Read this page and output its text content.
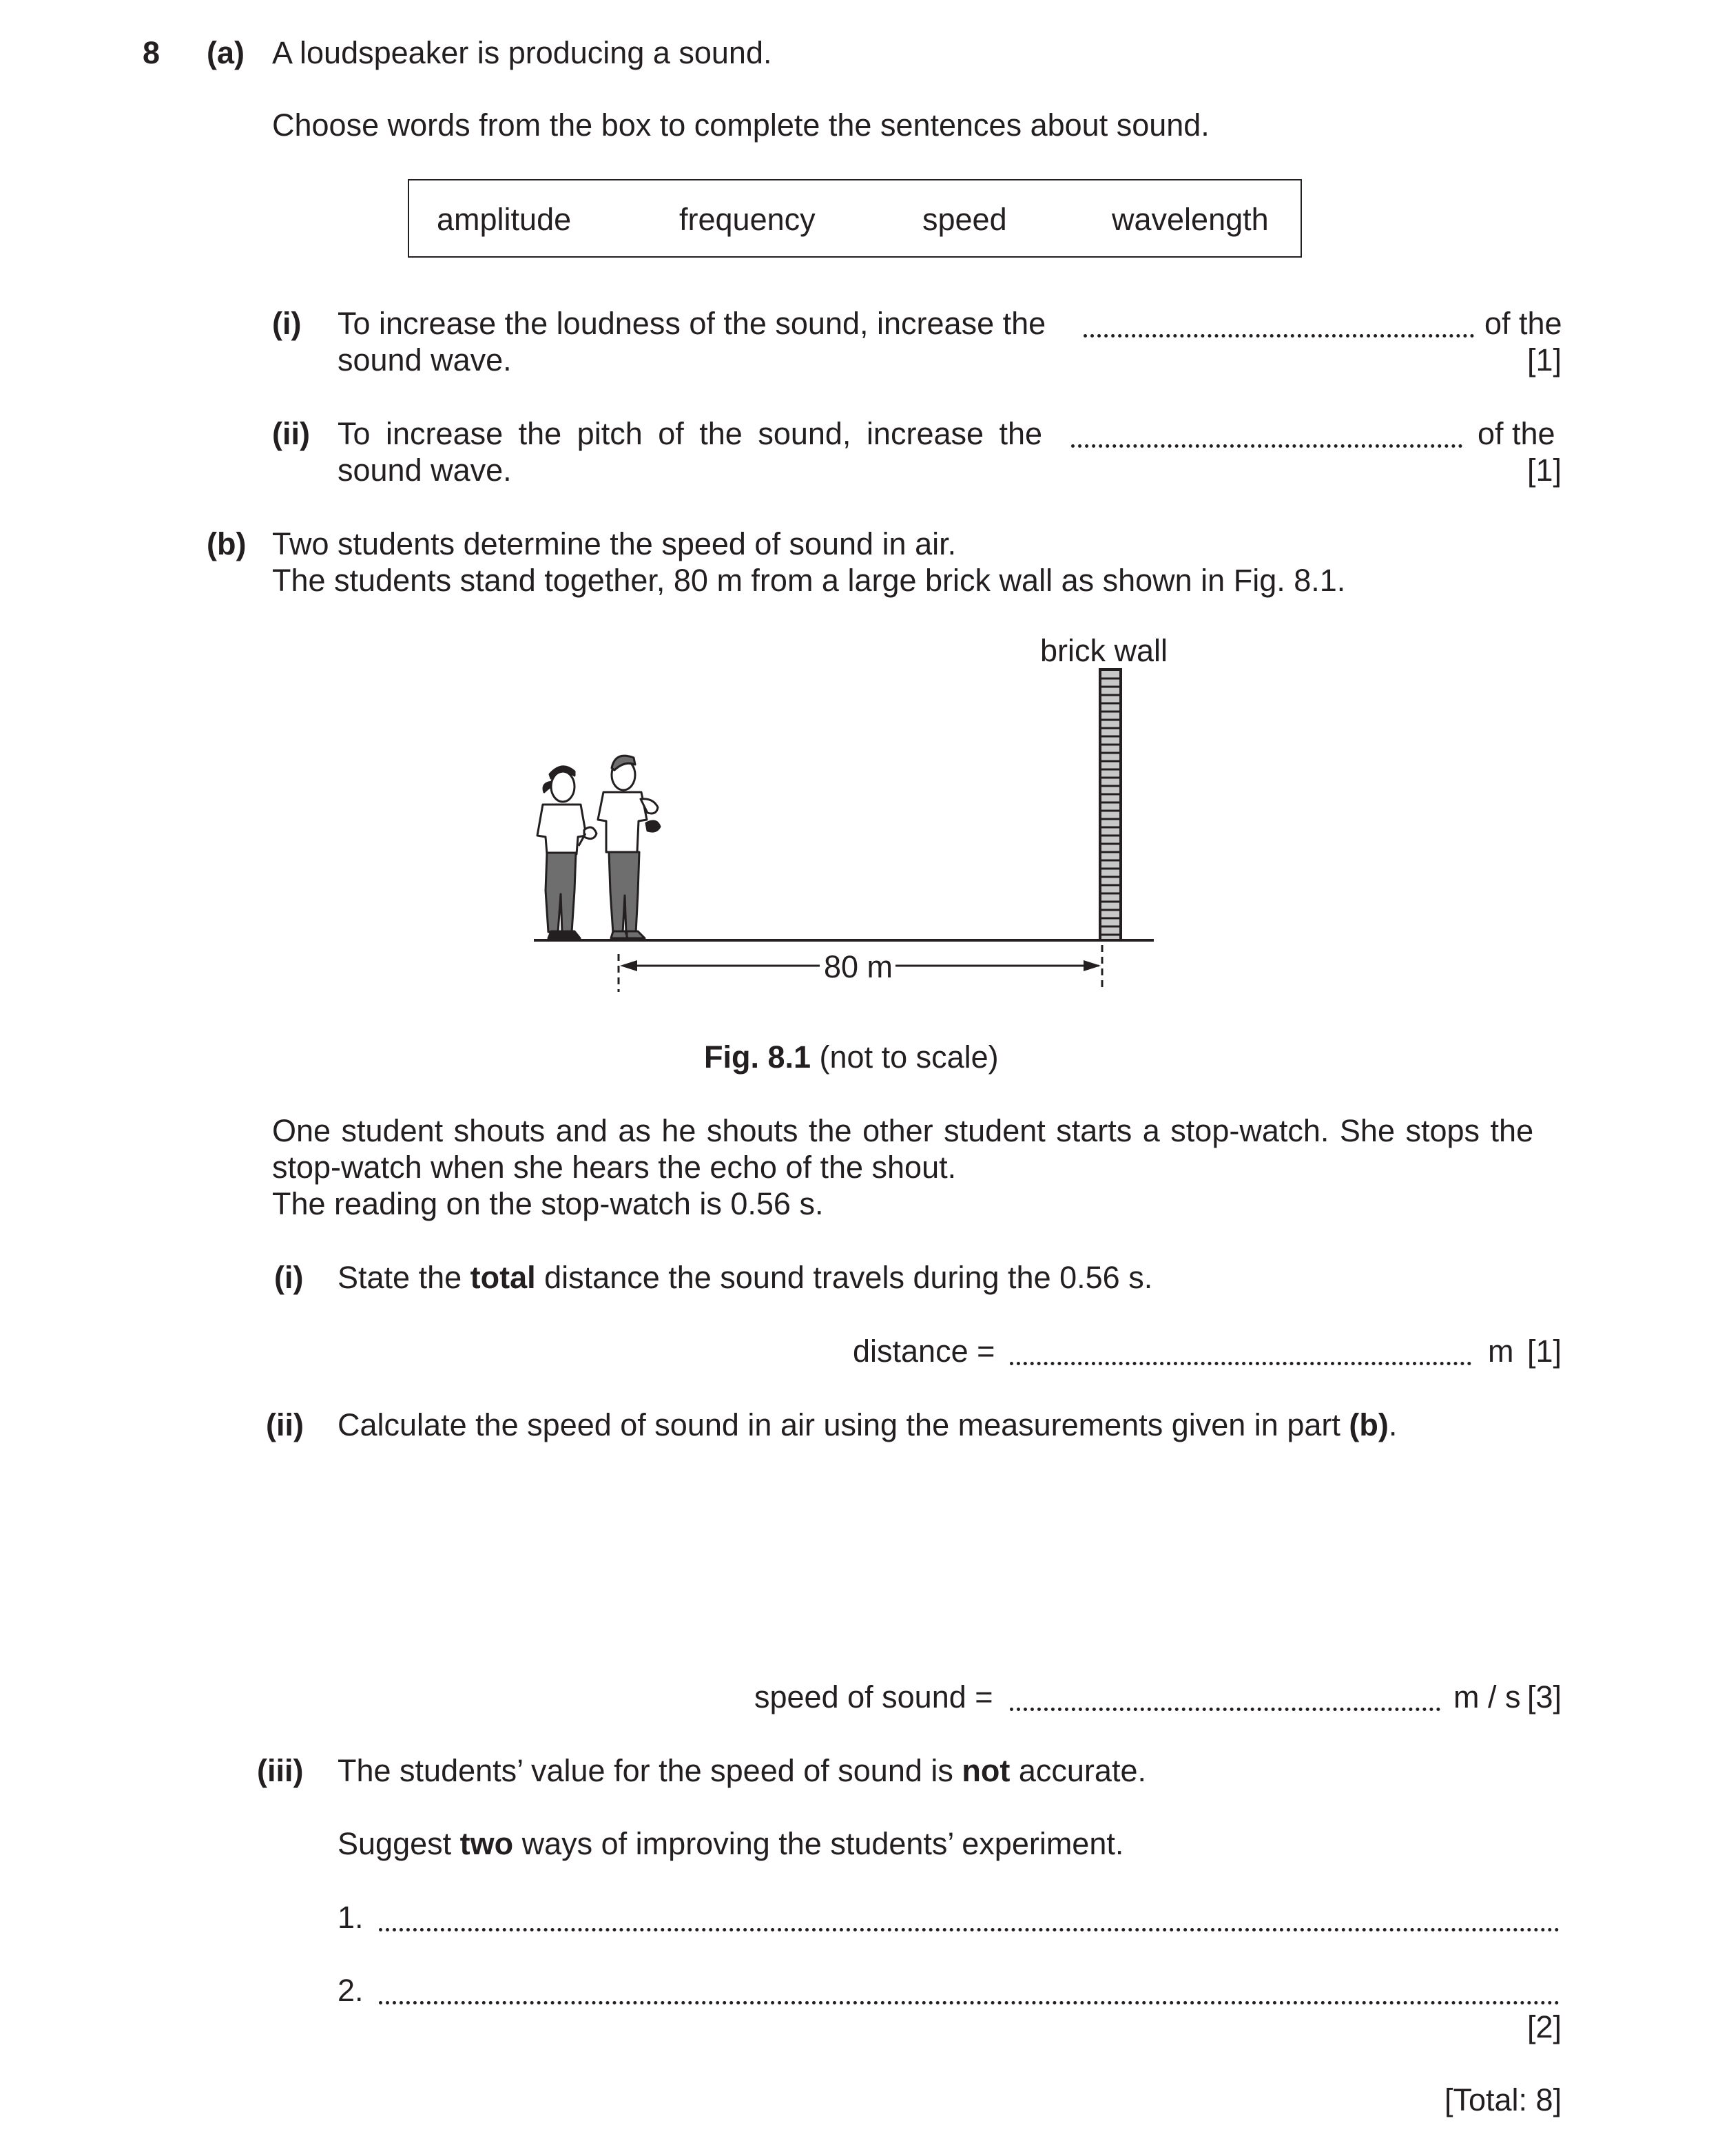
8 (a) A loudspeaker is producing a sound.
Choose words from the box to complete the sentences about sound.
amplitude	frequency	speed	wavelength
(i) To increase the loudness of the sound, increase the	of the
sound wave.	[1]
(ii) To increase the pitch of the sound, increase the	of the
sound wave.	[1]
(b) Two students determine the speed of sound in air.
The students stand together, 80 m from a large brick wall as shown in Fig. 8.1.
brick wall
80 m
Fig. 8.1 (not to scale)
One student shouts and as he shouts the other student starts a stop-watch. She stops the
stop-watch when she hears the echo of the shout.
The reading on the stop-watch is 0.56 s.
(i) State the total distance the sound travels during the 0.56 s.
distance =	m [1]
(ii) Calculate the speed of sound in air using the measurements given in part (b).
speed of sound =	m / s [3]
(iii) The students’ value for the speed of sound is not accurate.
Suggest two ways of improving the students’ experiment.
1.
2.
[2]
[Total: 8]
